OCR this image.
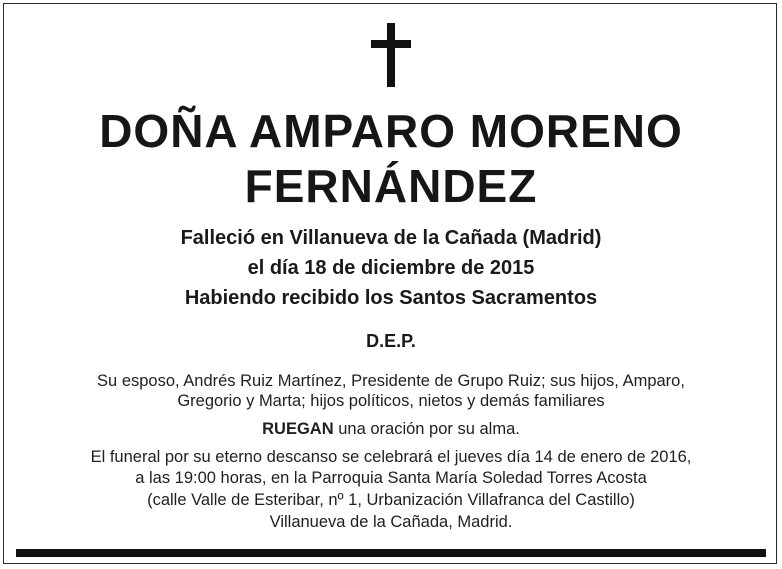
DOÑA AMPARO MORENO
FERNÁNDEZ
Falleció en Villanueva de la Cañada (Madrid)
el día 18 de diciembre de 2015
Habiendo recibido los Santos Sacramentos
D.E.P.
Su esposo, Andrés Ruiz Martínez, Presidente de Grupo Ruiz; sus hijos, Amparo,
Gregorio y Marta; hijos políticos, nietos y demás familiares
RUEGAN una oración por su alma.
El funeral por su eterno descanso se celebrará el jueves día 14 de enero de 2016,
a las 19:00 horas, en la Parroquia Santa María Soledad Torres Acosta
(calle Valle de Esteribar, nº 1, Urbanización Villafranca del Castillo)
Villanueva de la Cañada, Madrid.
